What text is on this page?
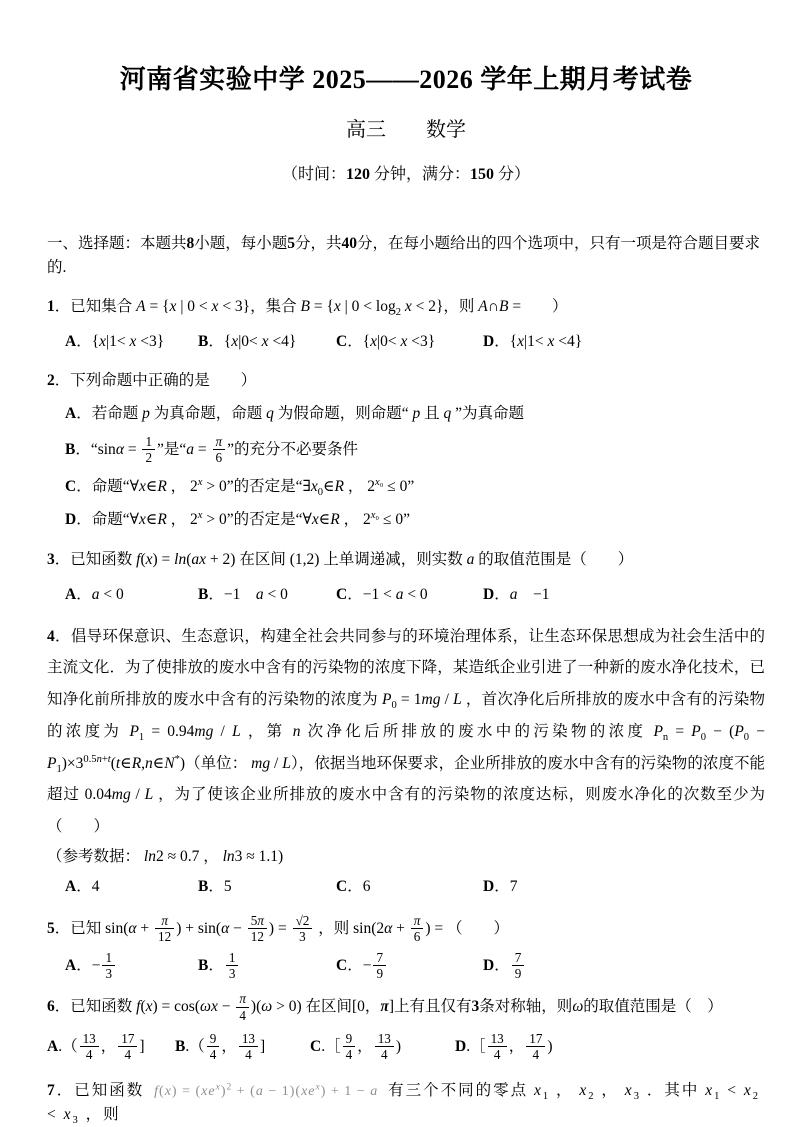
河南省实验中学 2025——2026 学年上期月考试卷
高三　　数学
（时间：120 分钟，满分：150 分）
一、选择题：本题共8小题，每小题5分，共40分，在每小题给出的四个选项中，只有一项是符合题目要求的.
1．已知集合 A = {x | 0 < x < 3}，集合 B = {x | $0 < \log_2 x < 2$}，则 A∩B =　　）
A．{x|1< x <3}	B．{x|0< x <4}	C．{x|0< x <3}	D．{x|1< x <4}
2．下列命题中正确的是　　）
A．若命题 p 为真命题，命题 q 为假命题，则命题“ p 且 q ”为真命题
B．“$\sin\alpha = \frac{1}{2}$ ”是“$a = \frac{\pi}{6}$ ”的充分不必要条件
C．命题“∀x∈R ， $2^x > 0$”的否定是“$\exists x_0\in R$ ， $2^{x_0} \le 0$”
D．命题“∀x∈R ， $2^x > 0$”的否定是“∀x∈R ， $2^{x_0} \le 0$”
3．已知函数 f(x) = ln(ax + 2) 在区间 (1,2) 上单调递减，则实数 a 的取值范围是（　　）
A．a < 0	B．−1　a < 0	C．−1 < a < 0	D．a　−1
4．倡导环保意识、生态意识，构建全社会共同参与的环境治理体系，让生态环保思想成为社会生活中的主流文化．为了使排放的废水中含有的污染物的浓度下降，某造纸企业引进了一种新的废水净化技术，已知净化前所排放的废水中含有的污染物的浓度为 $P_0 = 1mg / L$ ，首次净化后所排放的废水中含有的污染物的浓度为 $P_1 = 0.94mg / L$ ，第 n 次净化后所排放的废水中的污染物的浓度 $P_n = P_0 - (P_0$ − $P_1)\times 3^{0.5n+t}(t\in R,n\in N^*)$（单位： mg / L），依据当地环保要求，企业所排放的废水中含有的污染物的浓度不能超过 0.04mg / L ，为了使该企业所排放的废水中含有的污染物的浓度达标，则废水净化的次数至少为（　　）
（参考数据： ln2 ≈ 0.7 ， ln3 ≈ 1.1)
A．4	B．5	C．6	D．7
5．已知 $\sin(\alpha + \frac{\pi}{12}$ ) + $\sin(\alpha - \frac{5\pi}{12}$ ) = $\frac{√2}{3}$ ，则 $\sin(2\alpha + \frac{\pi}{6}$ ) = （　　）
A．− $\frac{1}{3}$	B． $\frac{1}{3}$	C．− $\frac{7}{9}$	D． $\frac{7}{9}$
6．已知函数 $f(x) = \cos(\omega x - \frac{\pi}{4} )(\omega > 0)$ 在区间[0，π]上有且仅有3条对称轴，则ω的取值范围是（　）
$A.( \frac{13}{4}$ ， $\frac{17}{4}$ ]	$B.( \frac{9}{4}$ ， $\frac{13}{4}$ ]	C.［ $\frac{9}{4}$ ， $\frac{13}{4}$ )	D.［ $\frac{13}{4}$ ， $\frac{17}{4}$ )
7．已知函数 $f(x) = (xe^x)^2 + (a - 1)(xe^x) + 1 - a$ 有三个不同的零点 $x_1$ ， $x_2$ ， $x_3$ ．其中 $x_1 < x_2 < x_3$ ，则
